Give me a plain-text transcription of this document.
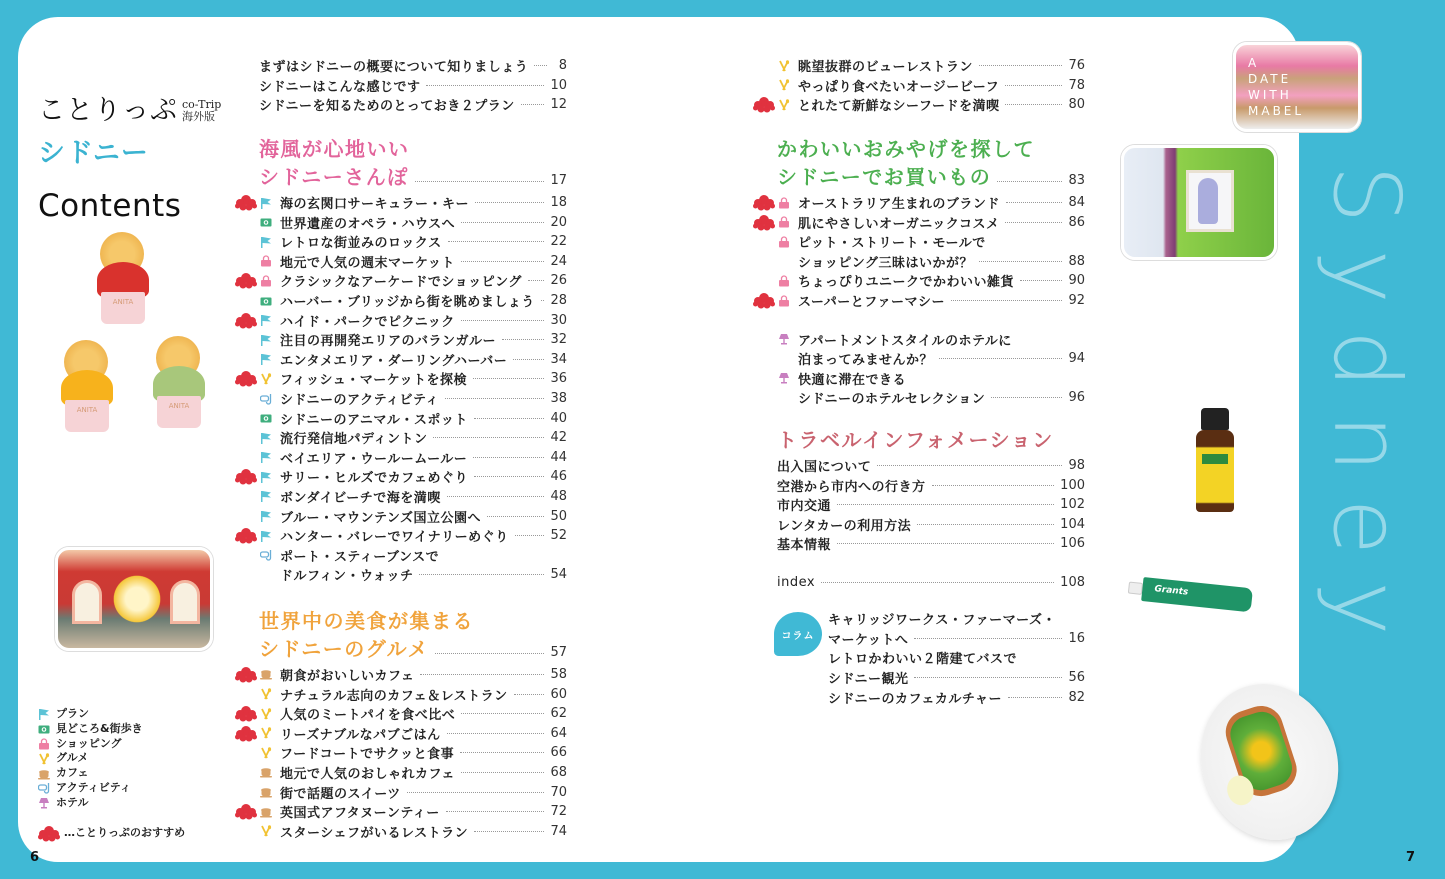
ことりっぷ co-Trip
海外版
シドニー
Contents
ANITA
ANITA	ANITA
プラン
見どころ&街歩き
ショッピング
グルメ
カフェ
アクティビティ
ホテル
…ことりっぷのおすすめ
6	7
まずはシドニーの概要について知りましょう	8
シドニーはこんな感じです	10
シドニーを知るためのとっておき２プラン	12
海風が心地いい
シドニーさんぽ	17
海の玄関口サーキュラー・キー	18
世界遺産のオペラ・ハウスへ	20
レトロな街並みのロックス	22
地元で人気の週末マーケット	24
クラシックなアーケードでショッピング 26
ハーバー・ブリッジから街を眺めましょう 28
ハイド・パークでピクニック	30
注目の再開発エリアのバランガルー	32
エンタメエリア・ダーリングハーバー	34
フィッシュ・マーケットを探検	36
シドニーのアクティビティ	38
シドニーのアニマル・スポット	40
流行発信地パディントン	42
ベイエリア・ウールームールー	44
サリー・ヒルズでカフェめぐり	46
ボンダイビーチで海を満喫	48
ブルー・マウンテンズ国立公園へ	50
ハンター・バレーでワイナリーめぐり	52
ポート・スティーブンスで
ドルフィン・ウォッチ	54
世界中の美食が集まる
シドニーのグルメ	57
朝食がおいしいカフェ	58
ナチュラル志向のカフェ＆レストラン	60
人気のミートパイを食べ比べ	62
リーズナブルなパブごはん	64
フードコートでサクッと食事	66
地元で人気のおしゃれカフェ	68
街で話題のスイーツ	70
英国式アフタヌーンティー	72
スターシェフがいるレストラン	74
眺望抜群のビューレストラン	76
やっぱり食べたいオージービーフ	78
とれたて新鮮なシーフードを満喫	80
かわいいおみやげを探して
シドニーでお買いもの	83
オーストラリア生まれのブランド	84
肌にやさしいオーガニックコスメ	86
ピット・ストリート・モールで
ショッピング三昧はいかが？	88
ちょっぴりユニークでかわいい雑貨	90
スーパーとファーマシー	92
アパートメントスタイルのホテルに
泊まってみませんか？	94
快適に滞在できる
シドニーのホテルセレクション	96
トラベルインフォメーション
出入国について	98
空港から市内への行き方	100
市内交通	102
レンタカーの利用方法	104
基本情報	106
index	108
コラム
キャリッジワークス・ファーマーズ・
マーケットへ	16
レトロかわいい２階建てバスで
シドニー観光	56
シドニーのカフェカルチャー	82
A DATE WITH MABEL
Grants	Sydney
